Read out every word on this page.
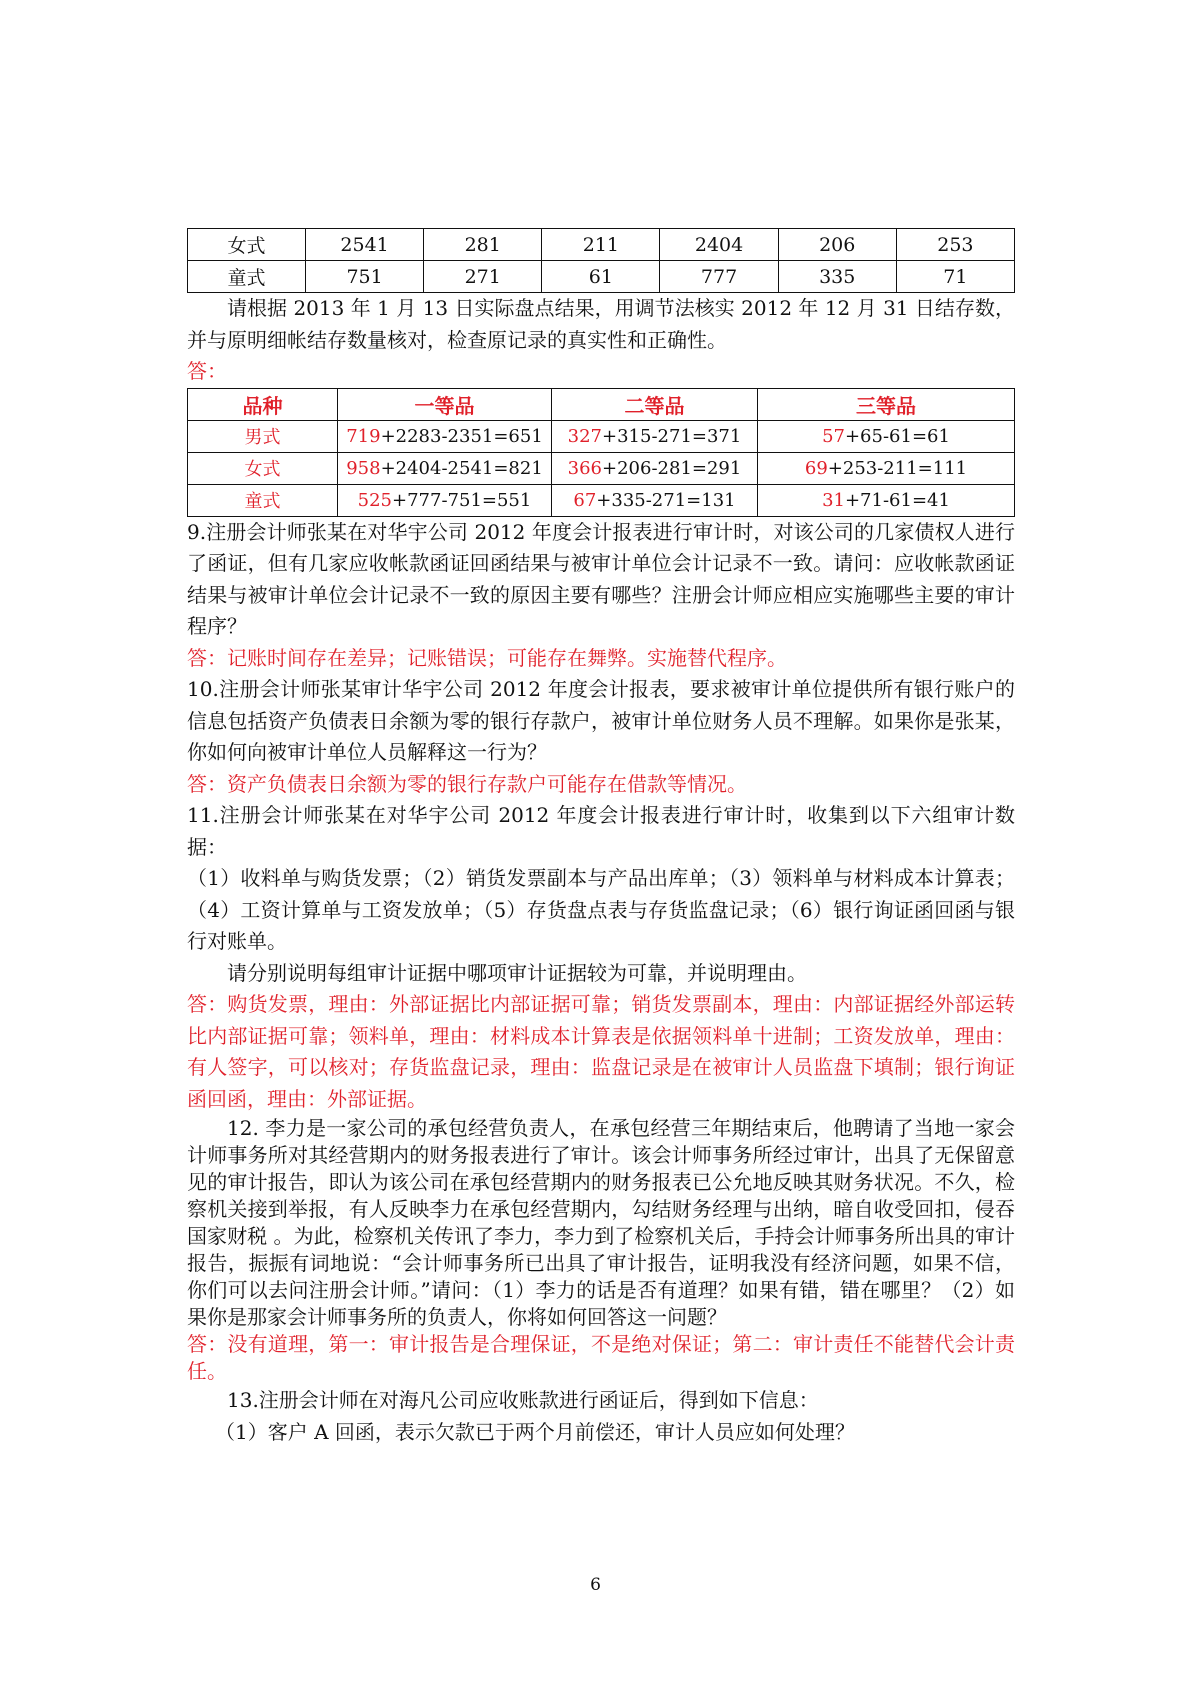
女式	2541	281	211	2404	206	253
童式	751	271	61	777	335	71

请根据 2013 年 1 月 13 日实际盘点结果，用调节法核实 2012 年 12 月 31 日结存数，并与原明细帐结存数量核对，检查原记录的真实性和正确性。

答：

品种	一等品	二等品	三等品
男式	719+2283-2351=651	327+315-271=371	57+65-61=61
女式	958+2404-2541=821	366+206-281=291	69+253-211=111
童式	525+777-751=551	67+335-271=131	31+71-61=41

9.注册会计师张某在对华宇公司 2012 年度会计报表进行审计时，对该公司的几家债权人进行了函证，但有几家应收帐款函证回函结果与被审计单位会计记录不一致。请问：应收帐款函证结果与被审计单位会计记录不一致的原因主要有哪些？注册会计师应相应实施哪些主要的审计程序？

答：记账时间存在差异；记账错误；可能存在舞弊。实施替代程序。

10.注册会计师张某审计华宇公司 2012 年度会计报表，要求被审计单位提供所有银行账户的信息包括资产负债表日余额为零的银行存款户，被审计单位财务人员不理解。如果你是张某，你如何向被审计单位人员解释这一行为？

答：资产负债表日余额为零的银行存款户可能存在借款等情况。

11.注册会计师张某在对华宇公司 2012 年度会计报表进行审计时，收集到以下六组审计数据：

（1）收料单与购货发票；（2）销货发票副本与产品出库单；（3）领料单与材料成本计算表；（4）工资计算单与工资发放单；（5）存货盘点表与存货监盘记录；（6）银行询证函回函与银行对账单。

请分别说明每组审计证据中哪项审计证据较为可靠，并说明理由。

答：购货发票，理由：外部证据比内部证据可靠；销货发票副本，理由：内部证据经外部运转比内部证据可靠；领料单，理由：材料成本计算表是依据领料单十进制；工资发放单，理由：有人签字，可以核对；存货监盘记录，理由：监盘记录是在被审计人员监盘下填制；银行询证函回函，理由：外部证据。

12. 李力是一家公司的承包经营负责人，在承包经营三年期结束后，他聘请了当地一家会计师事务所对其经营期内的财务报表进行了审计。该会计师事务所经过审计，出具了无保留意见的审计报告，即认为该公司在承包经营期内的财务报表已公允地反映其财务状况。不久，检察机关接到举报，有人反映李力在承包经营期内，勾结财务经理与出纳，暗自收受回扣，侵吞国家财税 。为此，检察机关传讯了李力，李力到了检察机关后，手持会计师事务所出具的审计报告，振振有词地说：“会计师事务所已出具了审计报告，证明我没有经济问题，如果不信，你们可以去问注册会计师。”请问：（1）李力的话是否有道理？如果有错，错在哪里？（2）如果你是那家会计师事务所的负责人，你将如何回答这一问题？

答：没有道理，第一：审计报告是合理保证，不是绝对保证；第二：审计责任不能替代会计责任。

13.注册会计师在对海凡公司应收账款进行函证后，得到如下信息：

（1）客户 A 回函，表示欠款已于两个月前偿还，审计人员应如何处理？

6
